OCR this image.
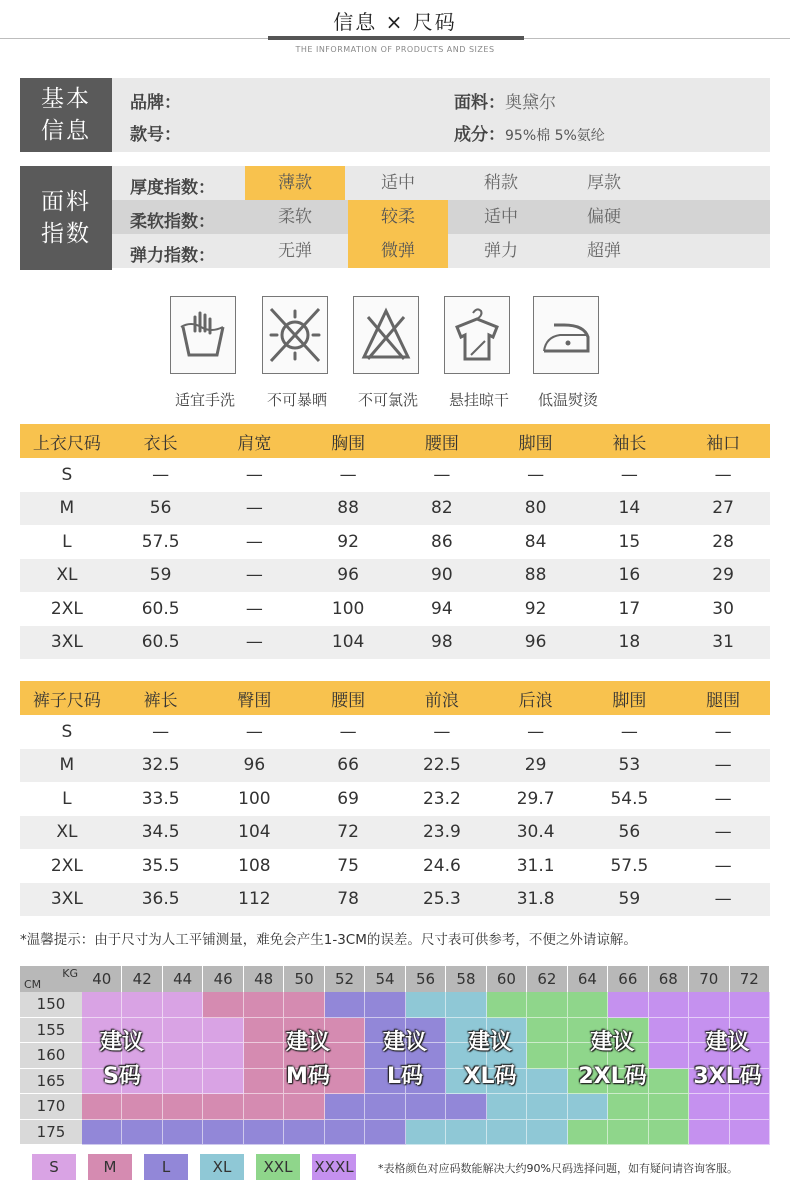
信息 × 尺码
THE INFORMATION OF PRODUCTS AND SIZES
基本
信息
品牌：
款号：
面料：奥黛尔
成分：95%棉 5%氨纶
面料
指数
厚度指数：	薄款	适中	稍款	厚款
柔软指数：	柔软	较柔	适中	偏硬
弹力指数：	无弹	微弹	弹力	超弹
适宜手洗	不可暴晒	不可氯洗	悬挂晾干	低温熨烫
上衣尺码	衣长	肩宽	胸围	腰围	脚围	袖长	袖口
S	—	—	—	—	—	—	—
M	56	—	88	82	80	14	27
L	57.5	—	92	86	84	15	28
XL	59	—	96	90	88	16	29
2XL	60.5	—	100	94	92	17	30
3XL	60.5	—	104	98	96	18	31
裤子尺码	裤长	臀围	腰围	前浪	后浪	脚围	腿围
S	—	—	—	—	—	—	—
M	32.5	96	66	22.5	29	53	—
L	33.5	100	69	23.2	29.7	54.5	—
XL	34.5	104	72	23.9	30.4	56	—
2XL	35.5	108	75	24.6	31.1	57.5	—
3XL	36.5	112	78	25.3	31.8	59	—
*温馨提示：由于尺寸为人工平铺测量，难免会产生1-3CM的误差。尺寸表可供参考，不便之外请谅解。
KG
CM	40	42	44	46	48	50	52	54	56	58	60	62	64	66	68	70	72
150
155
160
165
170
175
建议
S码
建议
M码
建议
L码
建议
XL码
建议
2XL码
建议
3XL码
*表格颜色对应码数能解决大约90%尺码选择问题，如有疑问请咨询客服。
S	M	L	XL	XXL	XXXL
